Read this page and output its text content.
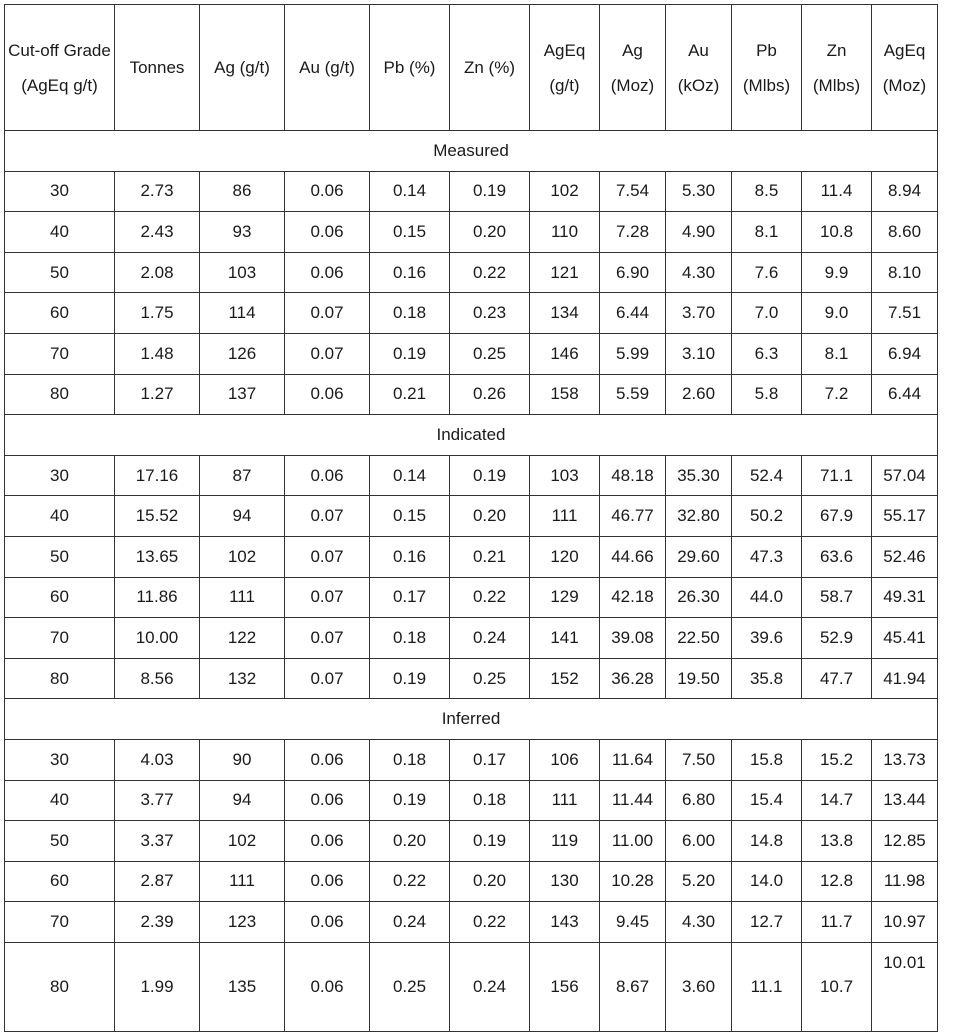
Cut-off Grade (AgEq g/t)	Tonnes	Ag (g/t)	Au (g/t)	Pb (%)	Zn (%)	AgEq (g/t)	Ag (Moz)	Au (kOz)	Pb (Mlbs)	Zn (Mlbs)	AgEq (Moz)
Measured											
30	2.73	86	0.06	0.14	0.19	102	7.54	5.30	8.5	11.4	8.94
40	2.43	93	0.06	0.15	0.20	110	7.28	4.90	8.1	10.8	8.60
50	2.08	103	0.06	0.16	0.22	121	6.90	4.30	7.6	9.9	8.10
60	1.75	114	0.07	0.18	0.23	134	6.44	3.70	7.0	9.0	7.51
70	1.48	126	0.07	0.19	0.25	146	5.99	3.10	6.3	8.1	6.94
80	1.27	137	0.06	0.21	0.26	158	5.59	2.60	5.8	7.2	6.44
Indicated											
30	17.16	87	0.06	0.14	0.19	103	48.18	35.30	52.4	71.1	57.04
40	15.52	94	0.07	0.15	0.20	111	46.77	32.80	50.2	67.9	55.17
50	13.65	102	0.07	0.16	0.21	120	44.66	29.60	47.3	63.6	52.46
60	11.86	111	0.07	0.17	0.22	129	42.18	26.30	44.0	58.7	49.31
70	10.00	122	0.07	0.18	0.24	141	39.08	22.50	39.6	52.9	45.41
80	8.56	132	0.07	0.19	0.25	152	36.28	19.50	35.8	47.7	41.94
Inferred											
30	4.03	90	0.06	0.18	0.17	106	11.64	7.50	15.8	15.2	13.73
40	3.77	94	0.06	0.19	0.18	111	11.44	6.80	15.4	14.7	13.44
50	3.37	102	0.06	0.20	0.19	119	11.00	6.00	14.8	13.8	12.85
60	2.87	111	0.06	0.22	0.20	130	10.28	5.20	14.0	12.8	11.98
70	2.39	123	0.06	0.24	0.22	143	9.45	4.30	12.7	11.7	10.97
80	1.99	135	0.06	0.25	0.24	156	8.67	3.60	11.1	10.7	10.01
